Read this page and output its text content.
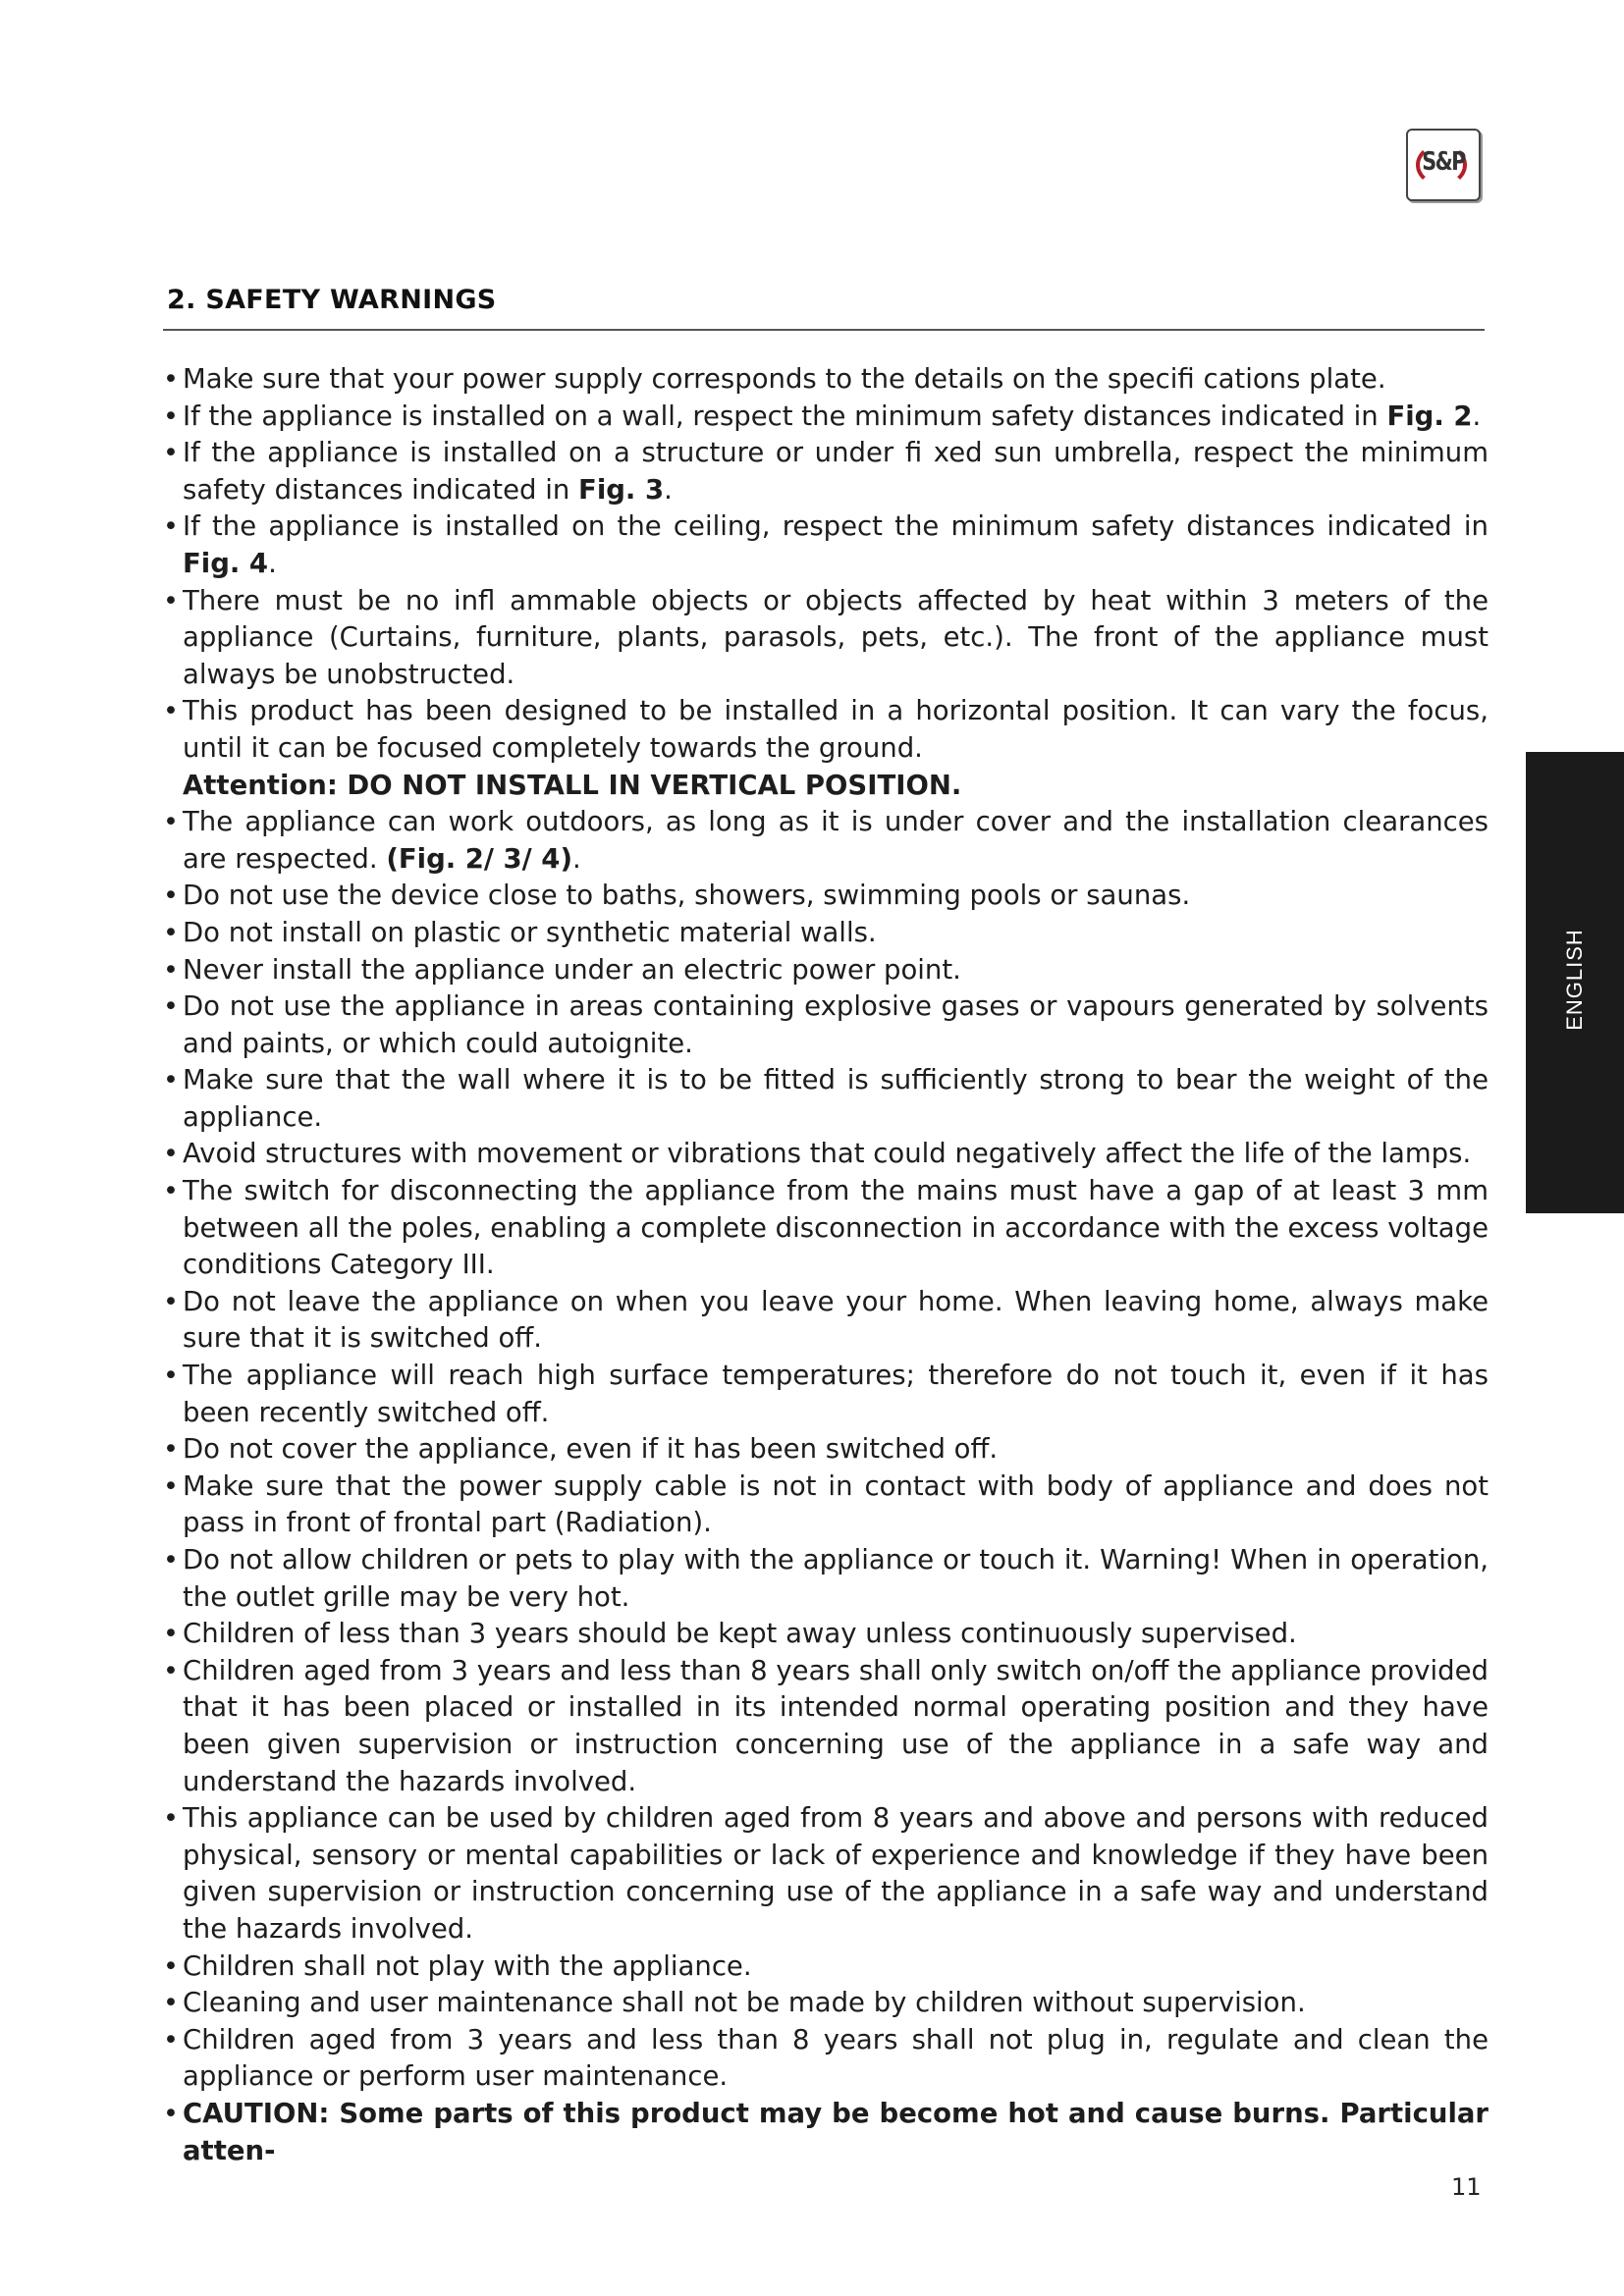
S&P
2. SAFETY WARNINGS
• Make sure that your power supply corresponds to the details on the specifi cations plate.
• If the appliance is installed on a wall, respect the minimum safety distances indicated in Fig. 2.
• If the appliance is installed on a structure or under fi xed sun umbrella, respect the minimum safety distances indicated in Fig. 3.
• If the appliance is installed on the ceiling, respect the minimum safety distances indicated in Fig. 4.
• There must be no infl ammable objects or objects affected by heat within 3 meters of the appliance (Curtains, furniture, plants, parasols, pets, etc.). The front of the appliance must always be unobstructed.
• This product has been designed to be installed in a horizontal position. It can vary the focus, until it can be focused completely towards the ground.
Attention: DO NOT INSTALL IN VERTICAL POSITION.
• The appliance can work outdoors, as long as it is under cover and the installation clearances are respected. (Fig. 2/ 3/ 4).
• Do not use the device close to baths, showers, swimming pools or saunas.
• Do not install on plastic or synthetic material walls.
• Never install the appliance under an electric power point.
• Do not use the appliance in areas containing explosive gases or vapours generated by solvents and paints, or which could autoignite.
• Make sure that the wall where it is to be fitted is sufficiently strong to bear the weight of the appliance.
• Avoid structures with movement or vibrations that could negatively affect the life of the lamps.
• The switch for disconnecting the appliance from the mains must have a gap of at least 3 mm between all the poles, enabling a complete disconnection in accordance with the excess voltage conditions Category III.
• Do not leave the appliance on when you leave your home. When leaving home, always make sure that it is switched off.
• The appliance will reach high surface temperatures; therefore do not touch it, even if it has been recently switched off.
• Do not cover the appliance, even if it has been switched off.
• Make sure that the power supply cable is not in contact with body of appliance and does not pass in front of frontal part (Radiation).
• Do not allow children or pets to play with the appliance or touch it. Warning! When in operation, the outlet grille may be very hot.
• Children of less than 3 years should be kept away unless continuously supervised.
• Children aged from 3 years and less than 8 years shall only switch on/off the appliance provided that it has been placed or installed in its intended normal operating position and they have been given supervision or instruction concerning use of the appliance in a safe way and understand the hazards involved.
• This appliance can be used by children aged from 8 years and above and persons with reduced physical, sensory or mental capabilities or lack of experience and knowledge if they have been given supervision or instruction concerning use of the appliance in a safe way and understand the hazards involved.
• Children shall not play with the appliance.
• Cleaning and user maintenance shall not be made by children without supervision.
• Children aged from 3 years and less than 8 years shall not plug in, regulate and clean the appliance or perform user maintenance.
• CAUTION: Some parts of this product may be become hot and cause burns. Particular atten-
ENGLISH
11
